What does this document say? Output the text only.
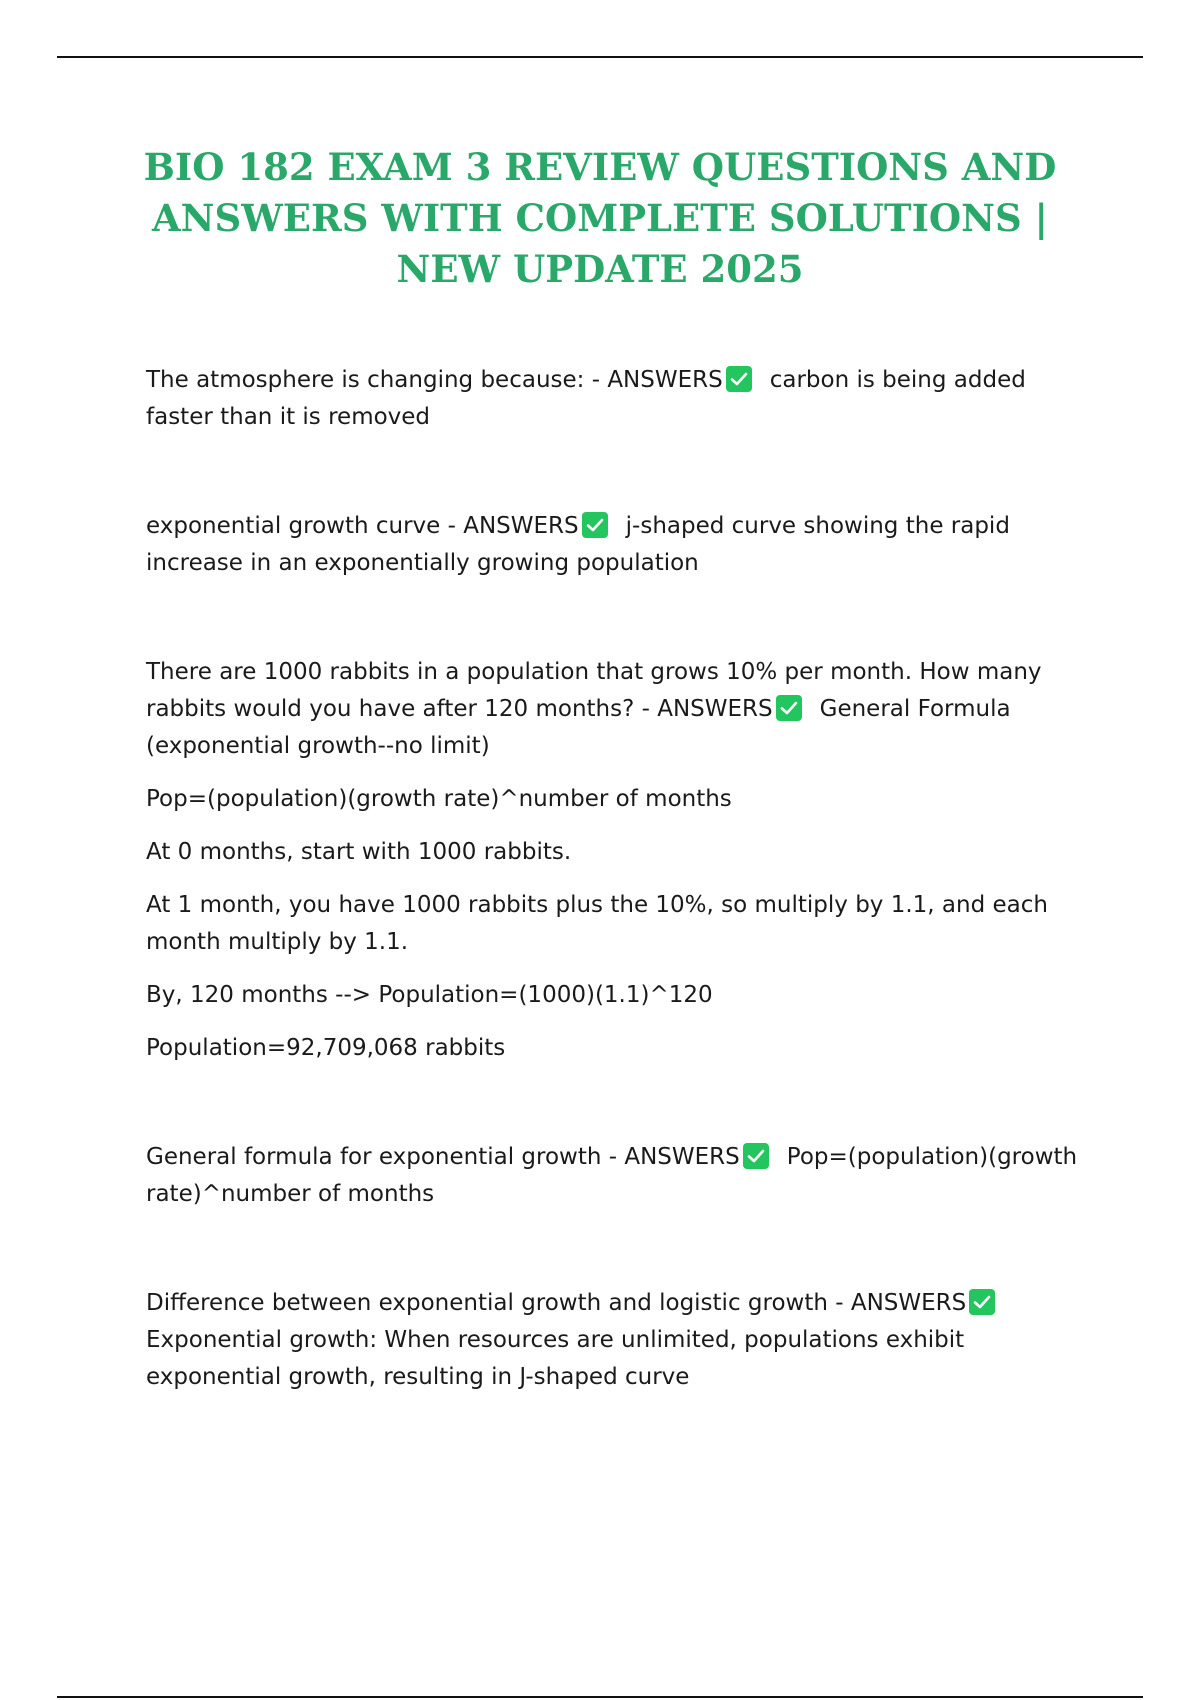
BIO 182 EXAM 3 REVIEW QUESTIONS AND ANSWERS WITH COMPLETE SOLUTIONS | NEW UPDATE 2025

The atmosphere is changing because: - ANSWERS carbon is being added faster than it is removed

exponential growth curve - ANSWERS j-shaped curve showing the rapid increase in an exponentially growing population

There are 1000 rabbits in a population that grows 10% per month. How many rabbits would you have after 120 months? - ANSWERS General Formula (exponential growth--no limit)

Pop=(population)(growth rate)^number of months

At 0 months, start with 1000 rabbits.

At 1 month, you have 1000 rabbits plus the 10%, so multiply by 1.1, and each month multiply by 1.1.

By, 120 months --> Population=(1000)(1.1)^120

Population=92,709,068 rabbits

General formula for exponential growth - ANSWERS Pop=(population)(growth rate)^number of months

Difference between exponential growth and logistic growth - ANSWERS

Exponential growth: When resources are unlimited, populations exhibit exponential growth, resulting in J-shaped curve
